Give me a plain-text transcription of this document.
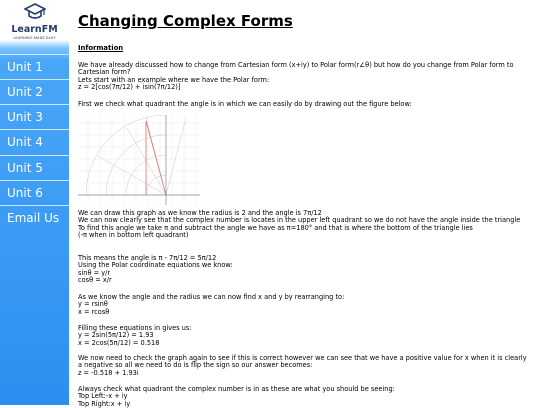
LearnFM
LEARNING MADE EASY
Unit 1
Unit 2
Unit 3
Unit 4
Unit 5
Unit 6
Email Us
Changing Complex Forms
Information
We have already discussed how to change from Cartesian form (x+iy) to Polar form(r∠θ) but how do you change from Polar form to Cartesian form?
Lets start with an example where we have the Polar form:
z = 2[cos(7π/12) + isin(7π/12)]
First we check what quadrant the angle is in which we can easily do by drawing out the figure below:
We can draw this graph as we know the radius is 2 and the angle is 7π/12
We can now clearly see that the complex number is locates in the upper left quadrant so we do not have the angle inside the triangle
To find this angle we take π and subtract the angle we have as π=180° and that is where the bottom of the triangle lies
(-π when in bottom left quadrant)
This means the angle is π - 7π/12 = 5π/12
Using the Polar coordinate equations we know:
sinθ = y/r
cosθ = x/r
As we know the angle and the radius we can now find x and y by rearranging to:
y = rsinθ
x = rcosθ
Filling these equations in gives us:
y = 2sin(5π/12) = 1.93
x = 2cos(5π/12) = 0.518
We now need to check the graph again to see if this is correct however we can see that we have a positive value for x when it is clearly a negative so all we need to do is flip the sign so our answer becomes:
z = -0.518 + 1.93i
Always check what quadrant the complex number is in as these are what you should be seeing:
Top Left:-x + iy
Top Right:x + iy
